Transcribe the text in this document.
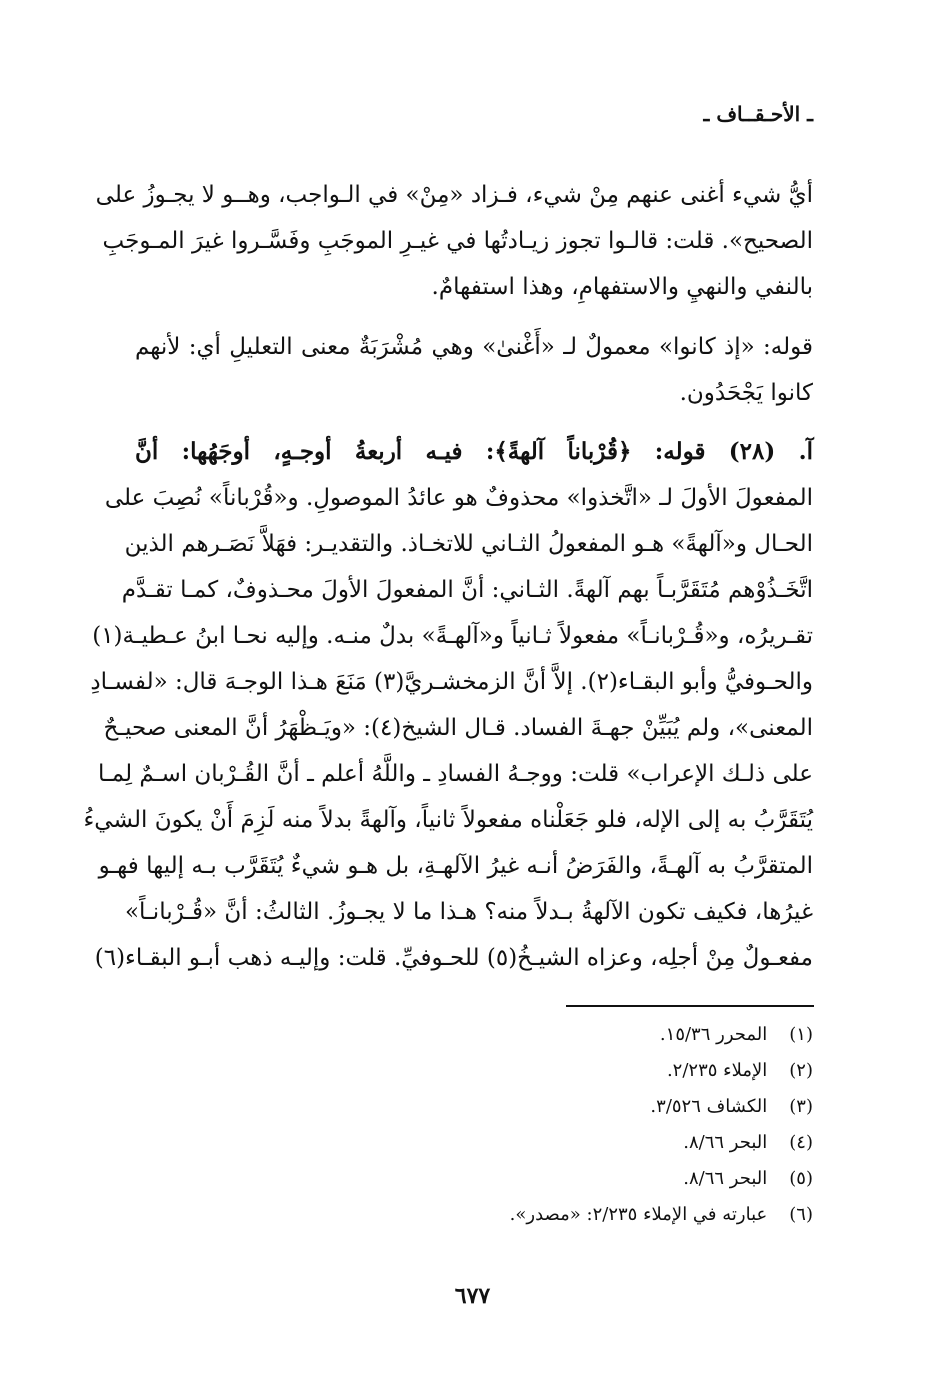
ـ الأحـقــاف ـ
أيُّ شيء أغنى عنهم مِنْ شيء، فـزاد «مِنْ» في الـواجب، وهــو لا يجـوزُ على
الصحيح». قلت: قالـوا تجوز زيـادتُها في غيـرِ الموجَبِ وفَسَّـروا غيرَ المـوجَبِ
بالنفي والنهيِ والاستفهامِ، وهذا استفهامٌ.
قوله: «إذ كانوا» معمولٌ لـ «أَغْنىٰ» وهي مُشْرَبَةٌ معنى التعليلِ أي: لأنهم
كانوا يَجْحَدُون.
آ. (٢٨) قوله: ﴿قُرْباناً آلهةً﴾: فيـه أربعةُ أوجـهٍ، أوجَهُها: أنَّ
المفعولَ الأولَ لـ «اتَّخذوا» محذوفٌ هو عائدُ الموصولِ. و«قُرْباناً» نُصِبَ على
الحـال و«آلهةً» هـو المفعولُ الثـاني للاتخـاذ. والتقديـر: فهَلاَّ نَصَـرهم الذين
اتَّخَـذُوْهم مُتَقَرَّبـاً بهم آلهةً. الثـاني: أنَّ المفعولَ الأولَ محـذوفٌ، كمـا تقـدَّم
تقـريرُه، و«قُـرْبانـاً» مفعولاً ثـانياً و«آلهـةً» بدلٌ منـه. وإليه نحـا ابنُ عـطيـة(١)
والحـوفيُّ وأبو البقـاء(٢). إلاَّ أنَّ الزمخشـريَّ(٣) مَنَعَ هـذا الوجـهَ قال: «لفسـادِ
المعنى»، ولم يُبَيِّنْ جهـةَ الفساد. قـال الشيخ(٤): «ويَـظْهَرُ أنَّ المعنى صحيـحٌ
على ذلـك الإعراب» قلت: ووجـهُ الفسادِ ـ واللَّهُ أعلم ـ أنَّ القُـرْبان اسـمٌ لِمـا
يُتَقَرَّبُ به إلى الإله، فلو جَعَلْناه مفعولاً ثانياً، وآلهةً بدلاً منه لَزِمَ أَنْ يكونَ الشيءُ
المتقرَّبُ به آلهـةً، والفَرَضُ أنـه غيرُ الآلهـةِ، بل هـو شيءٌ يُتَقَرَّب بـه إليها فهـو
غيرُها، فكيف تكون الآلهةُ بـدلاً منه؟ هـذا ما لا يجـوزُ. الثالثُ: أنَّ «قُـرْبانـاً»
مفعـولٌ مِنْ أجلِه، وعزاه الشيـخُ(٥) للحـوفيِّ. قلت: وإليـه ذهب أبـو البقـاء(٦)
(١) المحرر ١٥/٣٦.
(٢) الإملاء ٢/٢٣٥.
(٣) الكشاف ٣/٥٢٦.
(٤) البحر ٨/٦٦.
(٥) البحر ٨/٦٦.
(٦) عبارته في الإملاء ٢/٢٣٥: «مصدر».
٦٧٧
